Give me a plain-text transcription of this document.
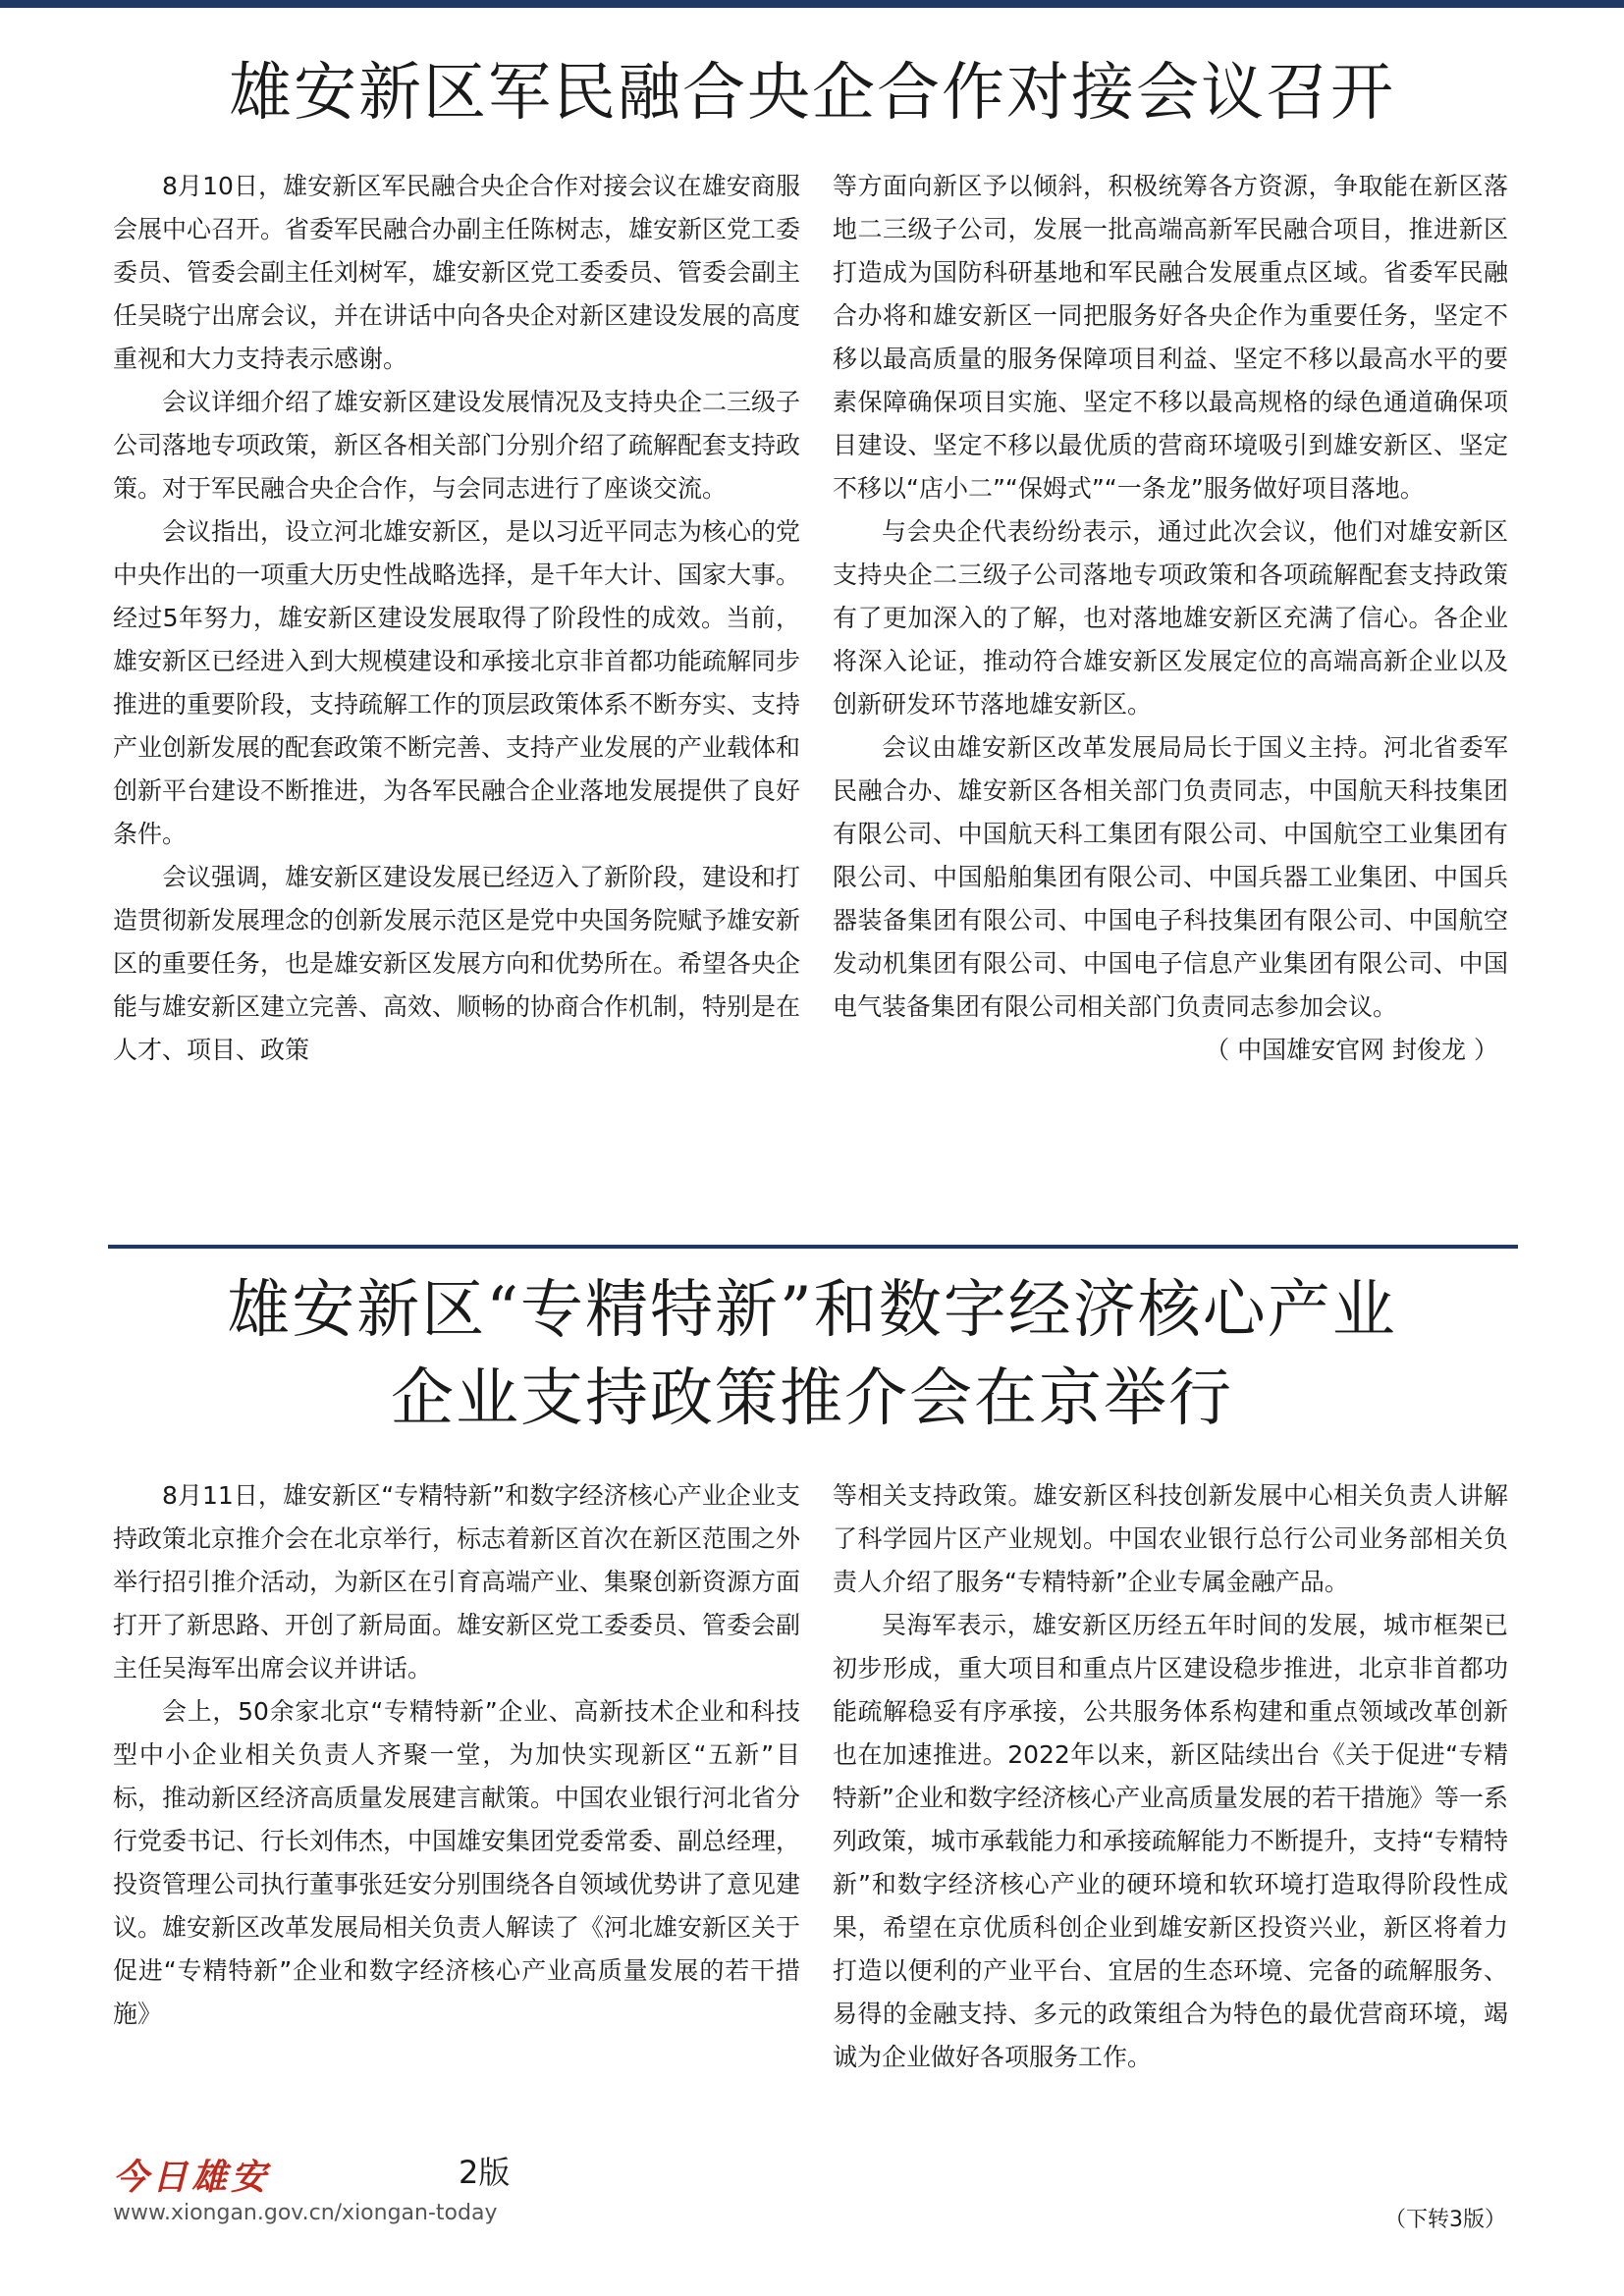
雄安新区军民融合央企合作对接会议召开

8月10日，雄安新区军民融合央企合作对接会议在雄安商服会展中心召开。省委军民融合办副主任陈树志，雄安新区党工委委员、管委会副主任刘树军，雄安新区党工委委员、管委会副主任吴晓宁出席会议，并在讲话中向各央企对新区建设发展的高度重视和大力支持表示感谢。

会议详细介绍了雄安新区建设发展情况及支持央企二三级子公司落地专项政策，新区各相关部门分别介绍了疏解配套支持政策。对于军民融合央企合作，与会同志进行了座谈交流。

会议指出，设立河北雄安新区，是以习近平同志为核心的党中央作出的一项重大历史性战略选择，是千年大计、国家大事。经过5年努力，雄安新区建设发展取得了阶段性的成效。当前，雄安新区已经进入到大规模建设和承接北京非首都功能疏解同步推进的重要阶段，支持疏解工作的顶层政策体系不断夯实、支持产业创新发展的配套政策不断完善、支持产业发展的产业载体和创新平台建设不断推进，为各军民融合企业落地发展提供了良好条件。

会议强调，雄安新区建设发展已经迈入了新阶段，建设和打造贯彻新发展理念的创新发展示范区是党中央国务院赋予雄安新区的重要任务，也是雄安新区发展方向和优势所在。希望各央企能与雄安新区建立完善、高效、顺畅的协商合作机制，特别是在人才、项目、政策

等方面向新区予以倾斜，积极统筹各方资源，争取能在新区落地二三级子公司，发展一批高端高新军民融合项目，推进新区打造成为国防科研基地和军民融合发展重点区域。省委军民融合办将和雄安新区一同把服务好各央企作为重要任务，坚定不移以最高质量的服务保障项目利益、坚定不移以最高水平的要素保障确保项目实施、坚定不移以最高规格的绿色通道确保项目建设、坚定不移以最优质的营商环境吸引到雄安新区、坚定不移以“店小二”“保姆式”“一条龙”服务做好项目落地。

与会央企代表纷纷表示，通过此次会议，他们对雄安新区支持央企二三级子公司落地专项政策和各项疏解配套支持政策有了更加深入的了解，也对落地雄安新区充满了信心。各企业将深入论证，推动符合雄安新区发展定位的高端高新企业以及创新研发环节落地雄安新区。

会议由雄安新区改革发展局局长于国义主持。河北省委军民融合办、雄安新区各相关部门负责同志，中国航天科技集团有限公司、中国航天科工集团有限公司、中国航空工业集团有限公司、中国船舶集团有限公司、中国兵器工业集团、中国兵器装备集团有限公司、中国电子科技集团有限公司、中国航空发动机集团有限公司、中国电子信息产业集团有限公司、中国电气装备集团有限公司相关部门负责同志参加会议。

（ 中国雄安官网 封俊龙 ）

雄安新区“专精特新”和数字经济核心产业
企业支持政策推介会在京举行

8月11日，雄安新区“专精特新”和数字经济核心产业企业支持政策北京推介会在北京举行，标志着新区首次在新区范围之外举行招引推介活动，为新区在引育高端产业、集聚创新资源方面打开了新思路、开创了新局面。雄安新区党工委委员、管委会副主任吴海军出席会议并讲话。

会上，50余家北京“专精特新”企业、高新技术企业和科技型中小企业相关负责人齐聚一堂，为加快实现新区“五新”目标，推动新区经济高质量发展建言献策。中国农业银行河北省分行党委书记、行长刘伟杰，中国雄安集团党委常委、副总经理，投资管理公司执行董事张廷安分别围绕各自领域优势讲了意见建议。雄安新区改革发展局相关负责人解读了《河北雄安新区关于促进“专精特新”企业和数字经济核心产业高质量发展的若干措施》

等相关支持政策。雄安新区科技创新发展中心相关负责人讲解了科学园片区产业规划。中国农业银行总行公司业务部相关负责人介绍了服务“专精特新”企业专属金融产品。

吴海军表示，雄安新区历经五年时间的发展，城市框架已初步形成，重大项目和重点片区建设稳步推进，北京非首都功能疏解稳妥有序承接，公共服务体系构建和重点领域改革创新也在加速推进。2022年以来，新区陆续出台《关于促进“专精特新”企业和数字经济核心产业高质量发展的若干措施》等一系列政策，城市承载能力和承接疏解能力不断提升，支持“专精特新”和数字经济核心产业的硬环境和软环境打造取得阶段性成果，希望在京优质科创企业到雄安新区投资兴业，新区将着力打造以便利的产业平台、宜居的生态环境、完备的疏解服务、易得的金融支持、多元的政策组合为特色的最优营商环境，竭诚为企业做好各项服务工作。

今日雄安	2版
www.xiongan.gov.cn/xiongan-today	（下转3版）
